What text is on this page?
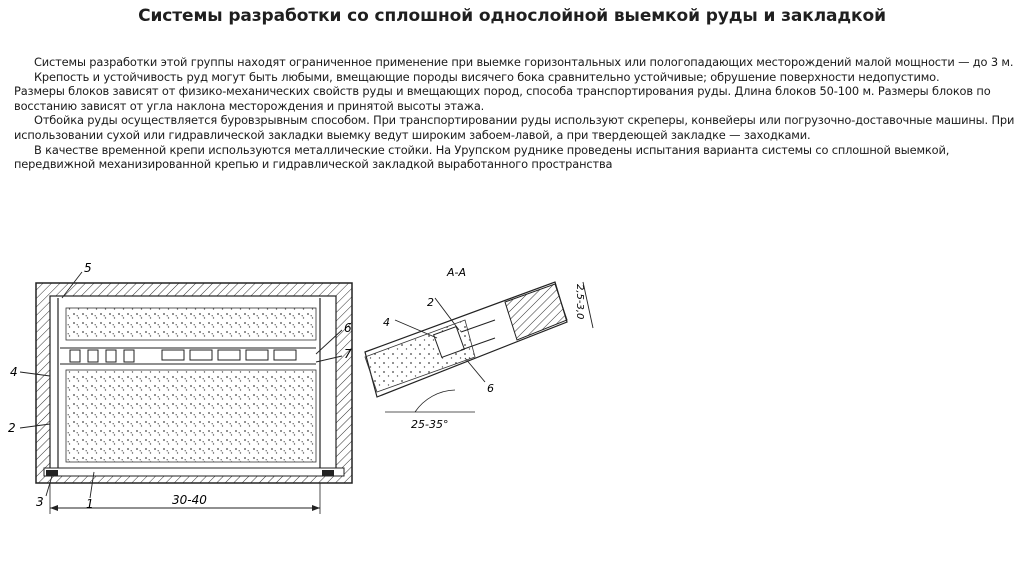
Системы разработки со сплошной однослойной выемкой руды и закладкой

Системы разработки этой группы находят ограниченное применение при выемке горизонтальных или пологопадающих месторождений малой мощности — до 3 м.

Крепость и устойчивость руд могут быть любыми, вмещающие породы висячего бока сравнительно устойчивые; обрушение поверхности недопустимо.

Размеры блоков зависят от физико-механических свойств руды и вмещающих пород, способа транспортирования руды. Длина блоков 50-100 м. Размеры блоков по восстанию зависят от угла наклона месторождения и принятой высоты этажа.

Отбойка руды осуществляется буровзрывным способом. При транспортировании руды используют скреперы, конвейеры или погрузочно-доставочные машины. При использовании сухой или гидравлической закладки выемку ведут широким забоем-лавой, а при твердеющей закладке — заходками.

В качестве временной крепи используются металлические стойки. На Урупском руднике проведены испытания варианта системы со сплошной выемкой, передвижной механизированной крепью и гидравлической закладкой выработанного пространства

5
4
2
3	1
6
7
30-40
А-А
2
4
6
25-35°
2,5-3,0
